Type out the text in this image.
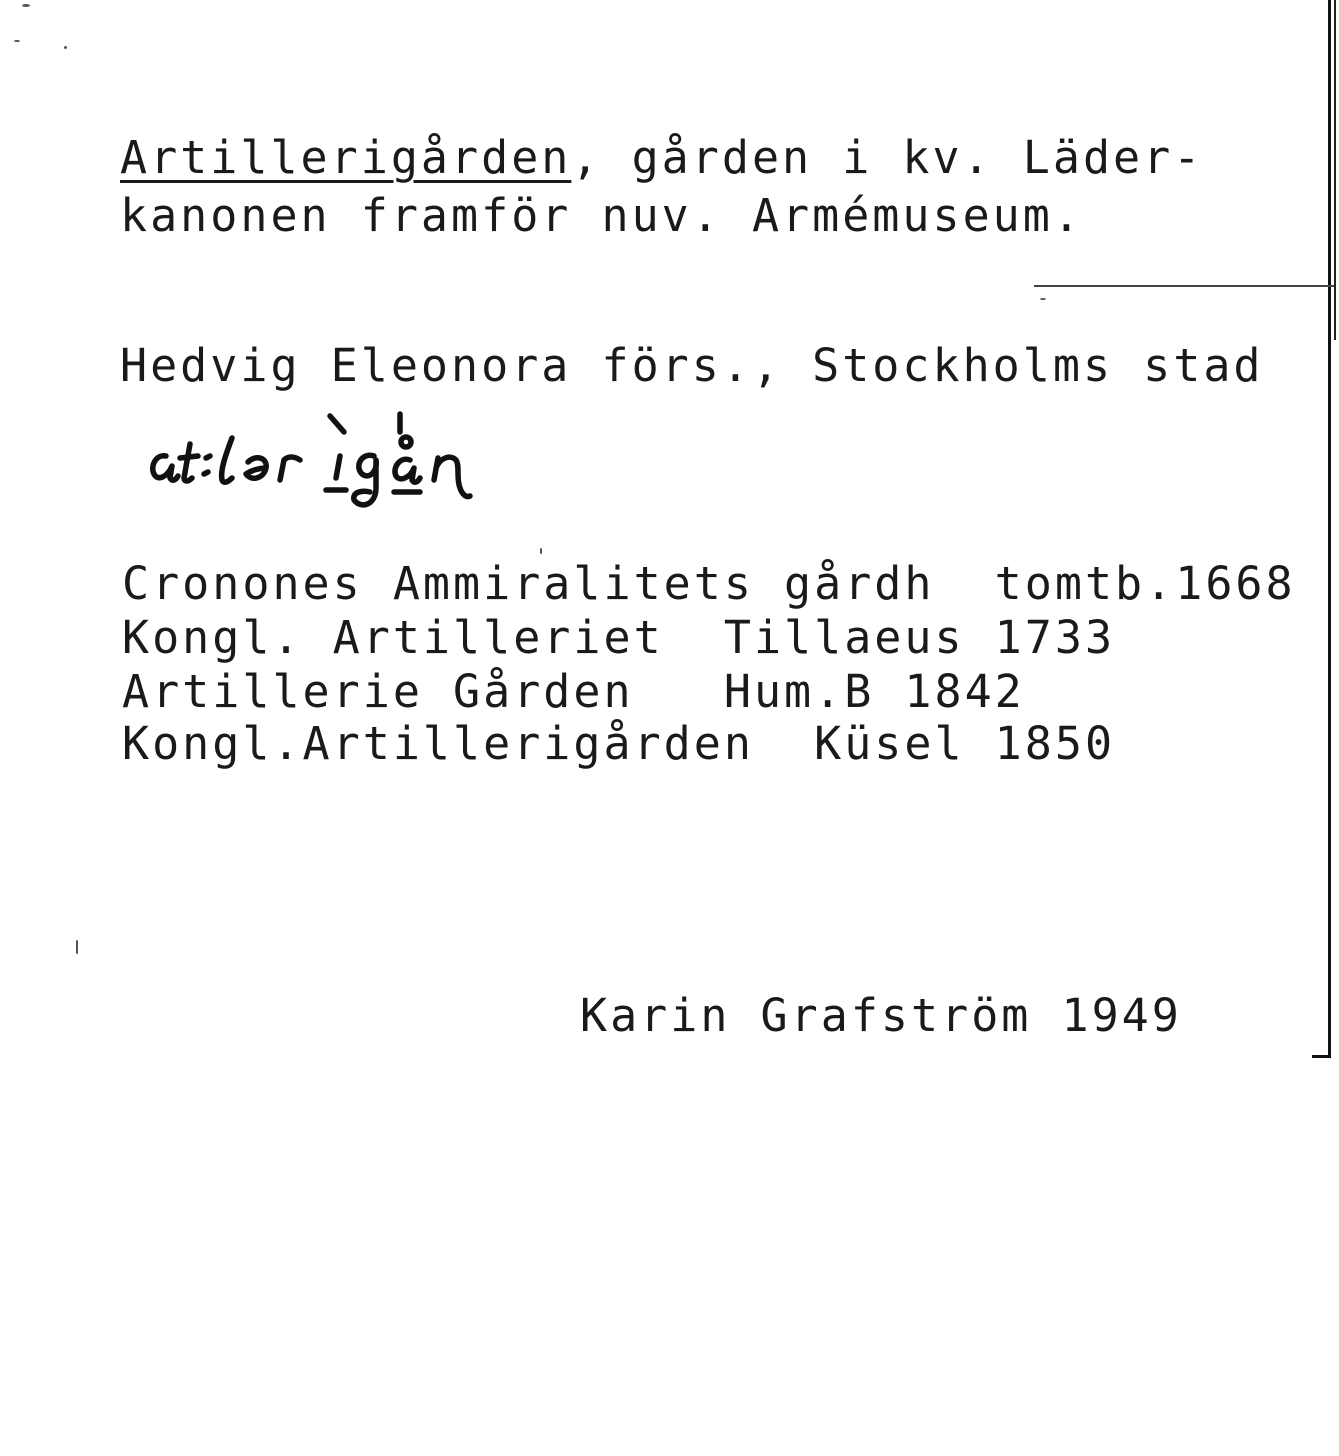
Artillerigården, gården i kv. Läder-
kanonen framför nuv. Armémuseum.
Hedvig Eleonora förs., Stockholms stad
Cronones Ammiralitets gårdh  tomtb.1668
Kongl. Artilleriet  Tillaeus 1733
Artillerie Gården   Hum.B 1842
Kongl.Artillerigården  Küsel 1850
Karin Grafström 1949
